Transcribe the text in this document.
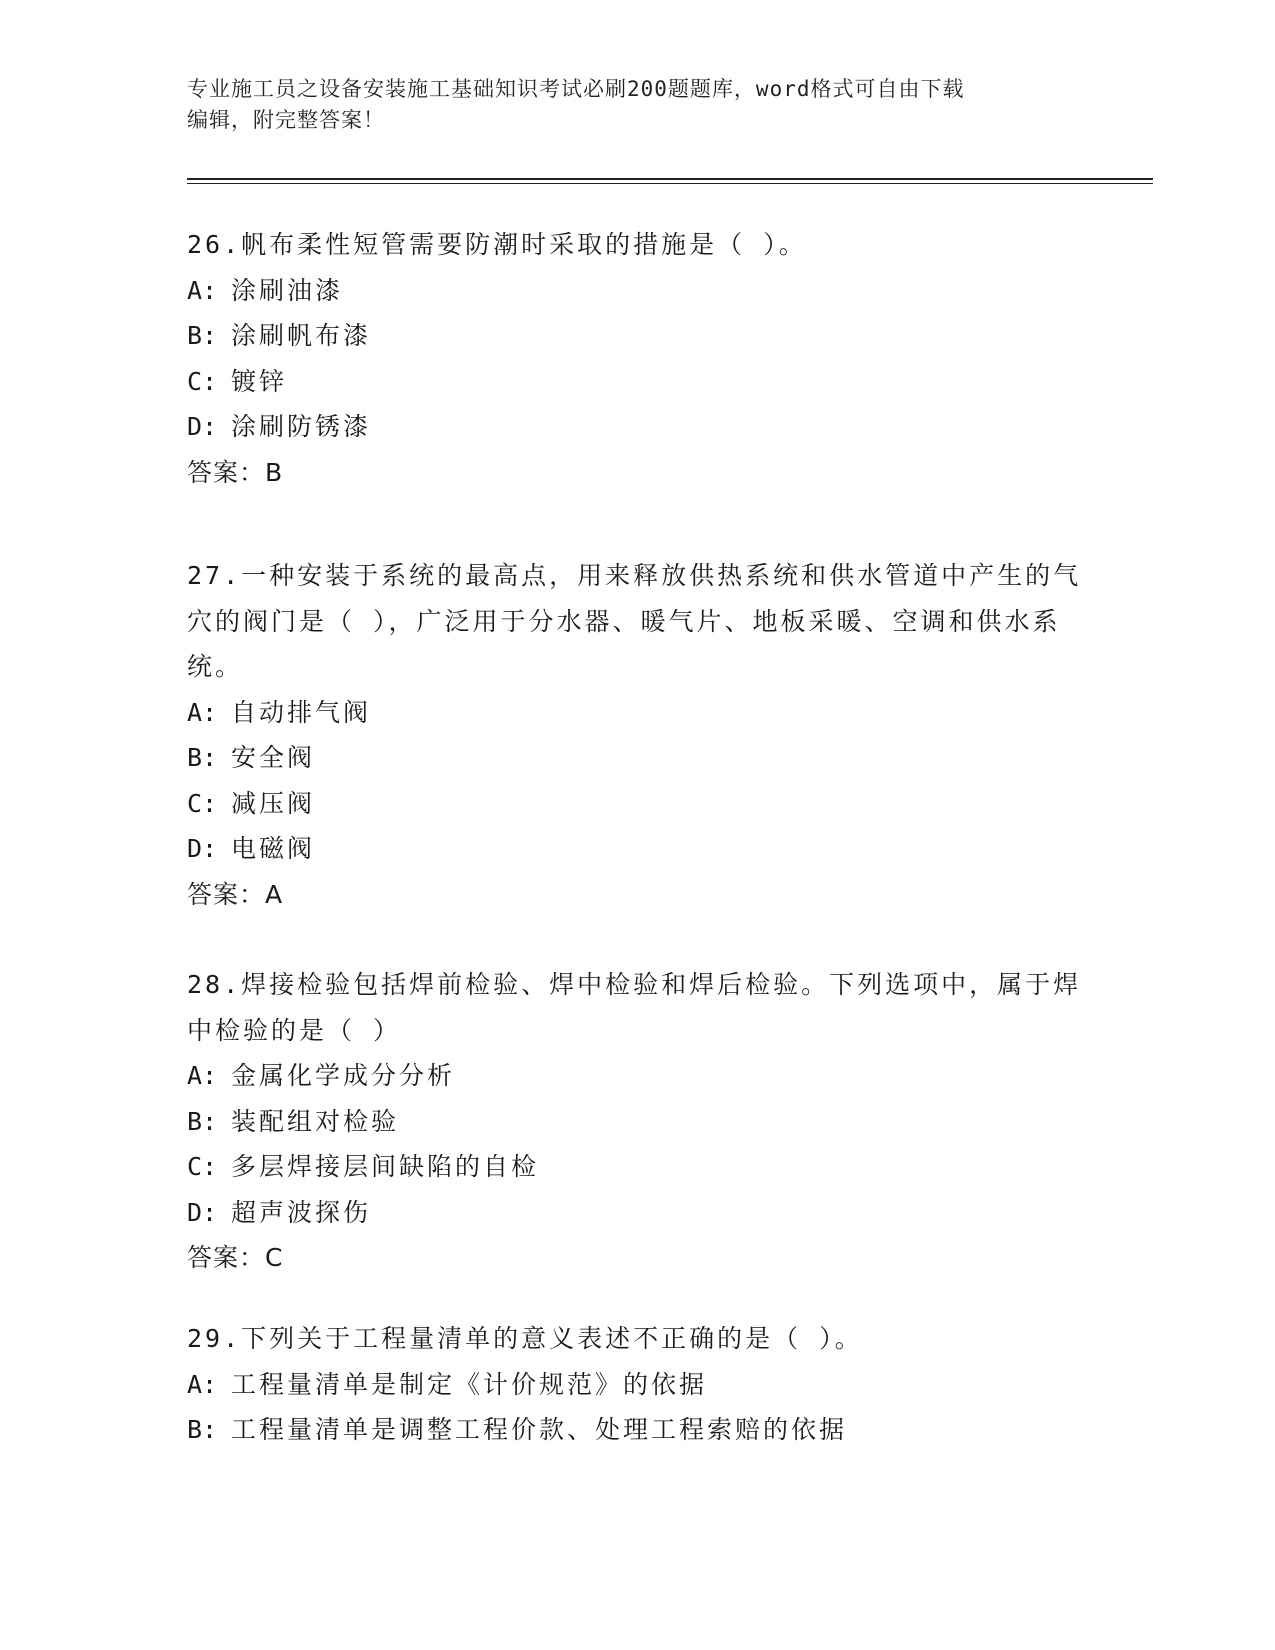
专业施工员之设备安装施工基础知识考试必刷200题题库，word格式可自由下载
编辑，附完整答案！
26.帆布柔性短管需要防潮时采取的措施是（ ）。
A: 涂刷油漆
B: 涂刷帆布漆
C: 镀锌
D: 涂刷防锈漆
答案：B
27.一种安装于系统的最高点，用来释放供热系统和供水管道中产生的气穴的阀门是（ ），广泛用于分水器、暖气片、地板采暖、空调和供水系统。
A: 自动排气阀
B: 安全阀
C: 减压阀
D: 电磁阀
答案：A
28.焊接检验包括焊前检验、焊中检验和焊后检验。下列选项中，属于焊中检验的是（ ）
A: 金属化学成分分析
B: 装配组对检验
C: 多层焊接层间缺陷的自检
D: 超声波探伤
答案：C
29.下列关于工程量清单的意义表述不正确的是（ ）。
A: 工程量清单是制定《计价规范》的依据
B: 工程量清单是调整工程价款、处理工程索赔的依据
